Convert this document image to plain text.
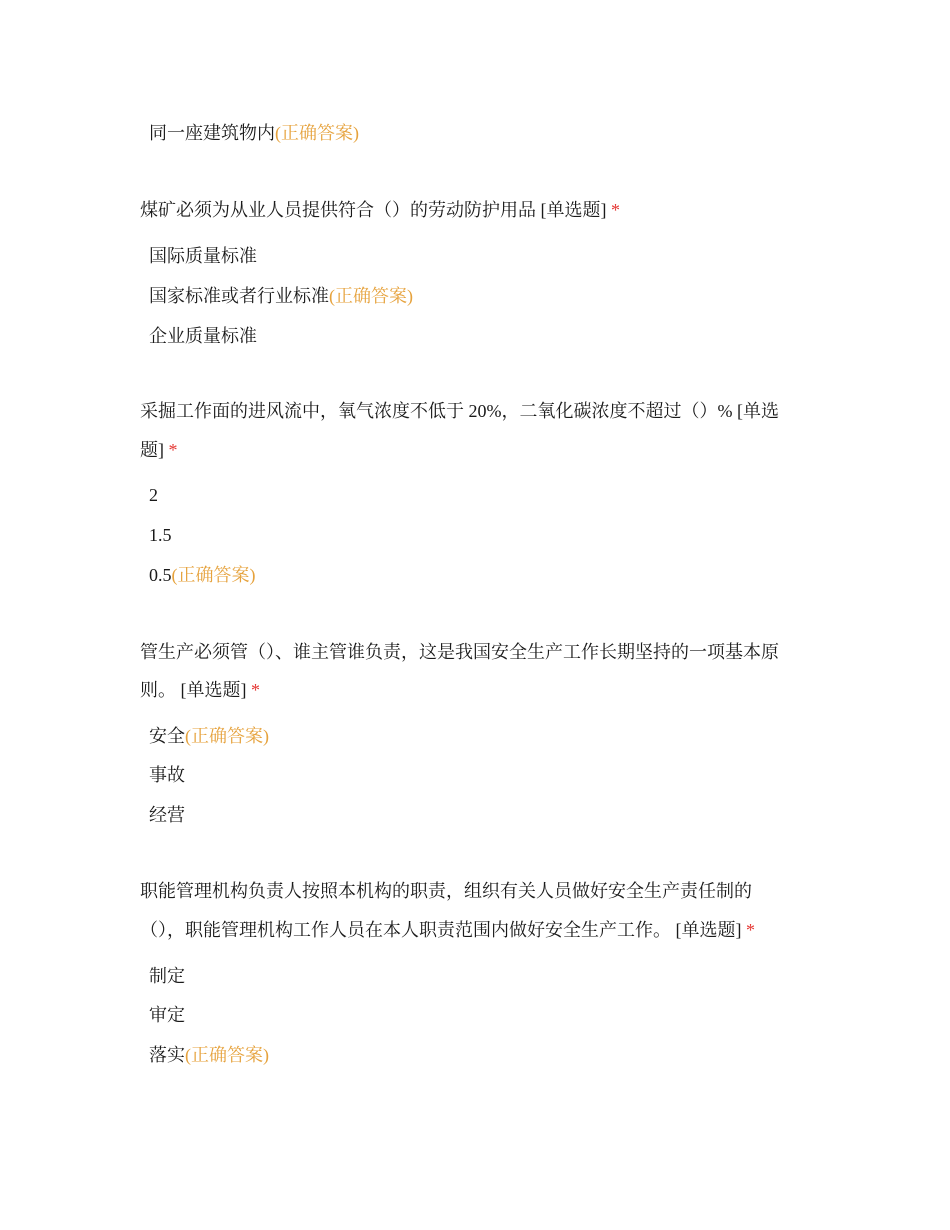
同一座建筑物内(正确答案)
煤矿必须为从业人员提供符合（）的劳动防护用品 [单选题] *
国际质量标准
国家标准或者行业标准(正确答案)
企业质量标准
采掘工作面的进风流中，氧气浓度不低于 20%，二氧化碳浓度不超过（）% [单选
题] *
2
1.5
0.5(正确答案)
管生产必须管（）、谁主管谁负责，这是我国安全生产工作长期坚持的一项基本原
则。 [单选题] *
安全(正确答案)
事故
经营
职能管理机构负责人按照本机构的职责，组织有关人员做好安全生产责任制的
（），职能管理机构工作人员在本人职责范围内做好安全生产工作。 [单选题] *
制定
审定
落实(正确答案)
